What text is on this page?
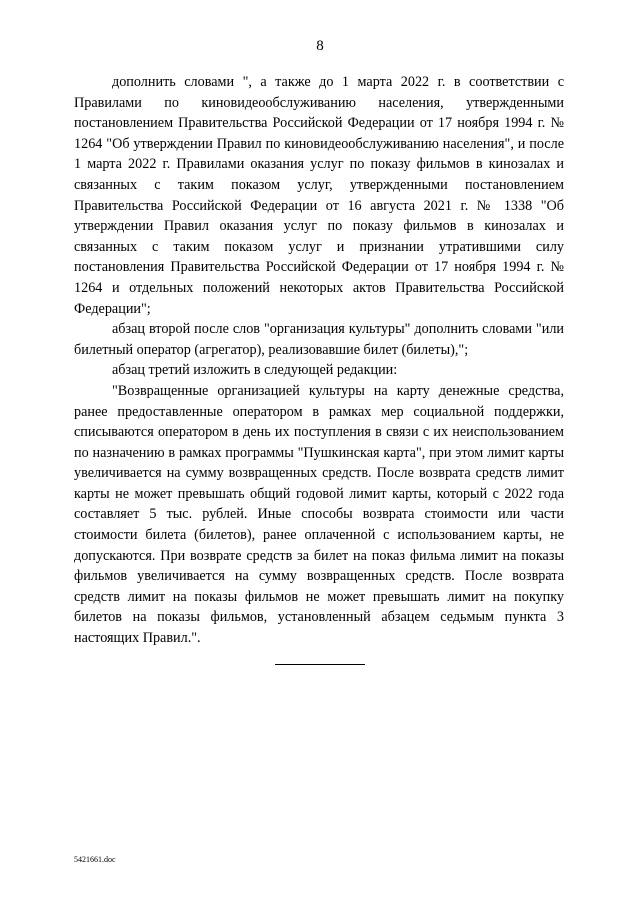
8

дополнить словами ", а также до 1 марта 2022 г. в соответствии с Правилами по киновидеообслуживанию населения, утвержденными постановлением Правительства Российской Федерации от 17 ноября 1994 г. № 1264 "Об утверждении Правил по киновидеообслуживанию населения", и после 1 марта 2022 г. Правилами оказания услуг по показу фильмов в кинозалах и связанных с таким показом услуг, утвержденными постановлением Правительства Российской Федерации от 16 августа 2021 г. № 1338 "Об утверждении Правил оказания услуг по показу фильмов в кинозалах и связанных с таким показом услуг и признании утратившими силу постановления Правительства Российской Федерации от 17 ноября 1994 г. № 1264 и отдельных положений некоторых актов Правительства Российской Федерации";

абзац второй после слов "организация культуры" дополнить словами "или билетный оператор (агрегатор), реализовавшие билет (билеты),";

абзац третий изложить в следующей редакции:

"Возвращенные организацией культуры на карту денежные средства, ранее предоставленные оператором в рамках мер социальной поддержки, списываются оператором в день их поступления в связи с их неиспользованием по назначению в рамках программы "Пушкинская карта", при этом лимит карты увеличивается на сумму возвращенных средств. После возврата средств лимит карты не может превышать общий годовой лимит карты, который с 2022 года составляет 5 тыс. рублей. Иные способы возврата стоимости или части стоимости билета (билетов), ранее оплаченной с использованием карты, не допускаются. При возврате средств за билет на показ фильма лимит на показы фильмов увеличивается на сумму возвращенных средств. После возврата средств лимит на показы фильмов не может превышать лимит на покупку билетов на показы фильмов, установленный абзацем седьмым пункта 3 настоящих Правил.".

5421661.doc
